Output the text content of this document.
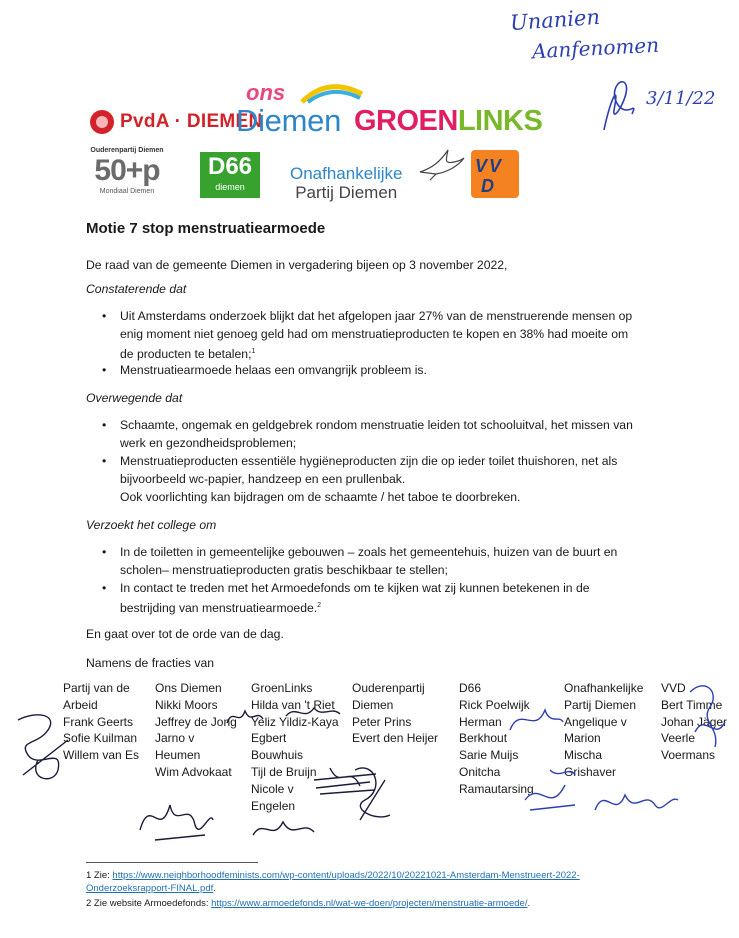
Unanien
Aanfenomen
3/11/22
PvdA · DIEMEN
ons
Diemen GROENLINKS
Ouderenpartij Diemen
50+p
Mondiaal Diemen
D66
diemen
Onafhankelijke
Partij Diemen
V V
D
Motie 7 stop menstruatiearmoede
De raad van de gemeente Diemen in vergadering bijeen op 3 november 2022,
Constaterende dat
• Uit Amsterdams onderzoek blijkt dat het afgelopen jaar 27% van de menstruerende mensen op
enig moment niet genoeg geld had om menstruatieproducten te kopen en 38% had moeite om
de producten te betalen;$^1$
• Menstruatiearmoede helaas een omvangrijk probleem is.
Overwegende dat
• Schaamte, ongemak en geldgebrek rondom menstruatie leiden tot schooluitval, het missen van
werk en gezondheidsproblemen;
• Menstruatieproducten essentiële hygiëneproducten zijn die op ieder toilet thuishoren, net als
bijvoorbeeld wc-papier, handzeep en een prullenbak.
Ook voorlichting kan bijdragen om de schaamte / het taboe te doorbreken.
Verzoekt het college om
• In de toiletten in gemeentelijke gebouwen – zoals het gemeentehuis, huizen van de buurt en
scholen– menstruatieproducten gratis beschikbaar te stellen;
• In contact te treden met het Armoedefonds om te kijken wat zij kunnen betekenen in de
bestrijding van menstruatiearmoede.$^2$
En gaat over tot de orde van de dag.
Namens de fracties van
Partij van de
Arbeid
Frank Geerts
Sofie Kuilman
Willem van Es
Ons Diemen
Nikki Moors
Jeffrey de Jong
Jarno v
Heumen
Wim Advokaat
GroenLinks
Hilda van 't Riet
Yeliz Yildiz-Kaya
Egbert
Bouwhuis
Tijl de Bruijn
Nicole v
Engelen
Ouderenpartij
Diemen
Peter Prins
Evert den Heijer
D66
Rick Poelwijk
Herman
Berkhout
Sarie Muijs
Onitcha
Ramautarsing
Onafhankelijke
Partij Diemen
Angelique v
Marion
Mischa
Grishaver
VVD
Bert Timme
Johan Jäger
Veerle
Voermans
1 Zie: https://www.neighborhoodfeminists.com/wp-content/uploads/2022/10/20221021-Amsterdam-Menstrueert-2022-
Onderzoeksrapport-FINAL.pdf.
2 Zie website Armoedefonds: https://www.armoedefonds.nl/wat-we-doen/projecten/menstruatie-armoede/.
